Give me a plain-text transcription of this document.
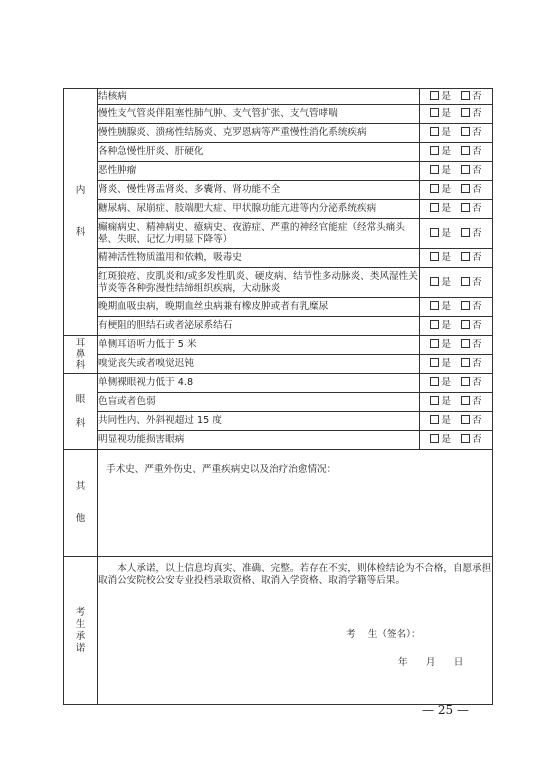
内
科	结核病	是 否
	慢性支气管炎伴阻塞性肺气肿、支气管扩张、支气管哮喘	是 否
	慢性胰腺炎、溃疡性结肠炎、克罗恩病等严重慢性消化系统疾病	是 否
	各种急慢性肝炎、肝硬化	是 否
	恶性肿瘤	是 否
	肾炎、慢性肾盂肾炎、多囊肾、肾功能不全	是 否
	糖尿病、尿崩症、肢端肥大症、甲状腺功能亢进等内分泌系统疾病	是 否
	癫痫病史、精神病史、癔病史、夜游症、严重的神经官能症（经常头痛头晕、失眠、记忆力明显下降等）	是 否
	精神活性物质滥用和依赖，吸毒史	是 否
	红斑狼疮、皮肌炎和/或多发性肌炎、硬皮病、结节性多动脉炎、类风湿性关节炎等各种弥漫性结缔组织疾病，大动脉炎	是 否
	晚期血吸虫病，晚期血丝虫病兼有橡皮肿或者有乳糜尿	是 否
	有梗阻的胆结石或者泌尿系结石	是 否
耳鼻科	单侧耳语听力低于 5 米	是 否
	嗅觉丧失或者嗅觉迟钝	是 否
眼
科	单侧裸眼视力低于 4.8	是 否
	色盲或者色弱	是 否
	共同性内、外斜视超过 15 度	是 否
	明显视功能损害眼病	是 否
其
他	手术史、严重外伤史、严重疾病史以及治疗治愈情况：	

考生承诺	本人承诺，以上信息均真实、准确、完整。若存在不实，则体检结论为不合格，自愿承担取消公安院校公安专业投档录取资格、取消入学资格、取消学籍等后果。
考    生（签名）：
年      月      日	
— 25 —
